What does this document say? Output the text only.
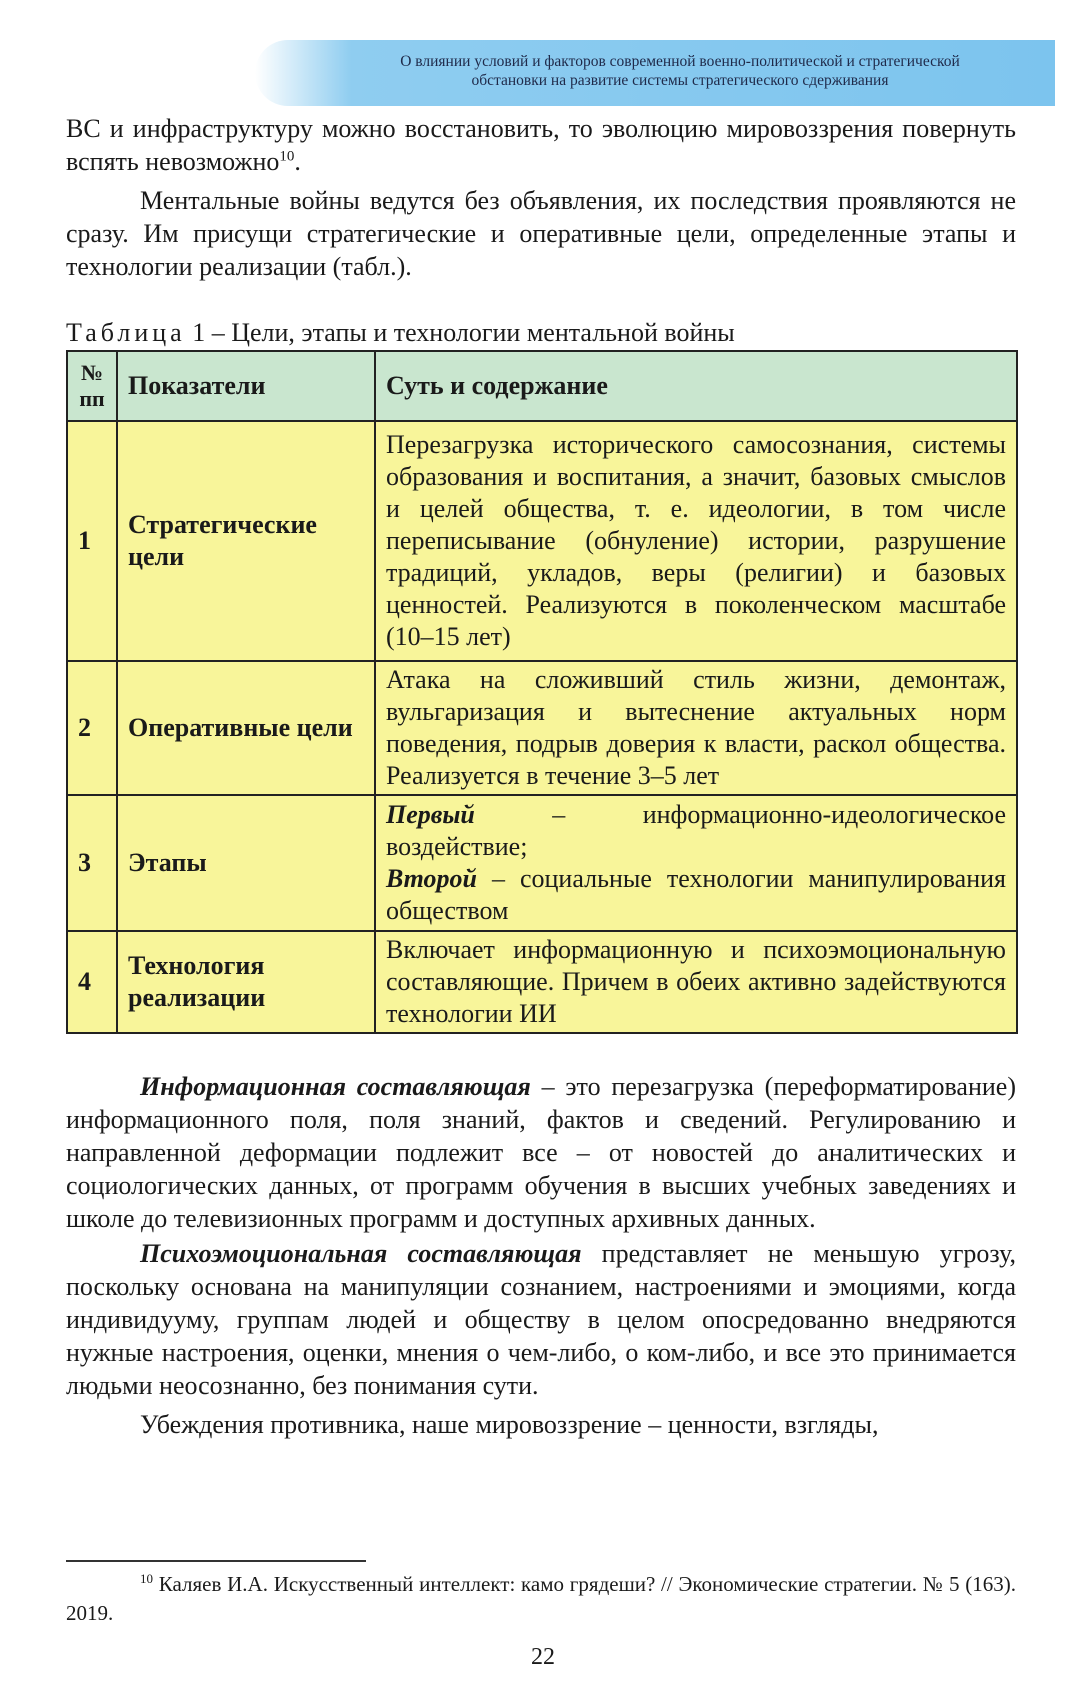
О влиянии условий и факторов современной военно-политической и стратегической
обстановки на развитие системы стратегического сдерживания

ВС и инфраструктуру можно восстановить, то эволюцию мировоззрения повернуть вспять невозможно$^{10}$.

Ментальные войны ведутся без объявления, их последствия проявляются не сразу. Им присущи стратегические и оперативные цели, определенные этапы и технологии реализации (табл.).

Таблица 1 – Цели, этапы и технологии ментальной войны
№ пп	Показатели	Суть и содержание
1	Стратегические цели	Перезагрузка исторического самосознания, системы образования и воспитания, а значит, базовых смыслов и целей общества, т. е. идеологии, в том числе переписывание (обнуление) истории, разрушение традиций, укладов, веры (религии) и базовых ценностей. Реализуются в поколенческом масштабе (10–15 лет)
2	Оперативные цели	Атака на сложивший стиль жизни, демонтаж, вульгаризация и вытеснение актуальных норм поведения, подрыв доверия к власти, раскол общества. Реализуется в течение 3–5 лет
3	Этапы	Первый – информационно-идеологическое воздействие;
Второй – социальные технологии манипулирования обществом
4	Технология реализации	Включает информационную и психоэмоциональную составляющие. Причем в обеих активно задействуются технологии ИИ

Информационная составляющая – это перезагрузка (переформатирование) информационного поля, поля знаний, фактов и сведений. Регулированию и направленной деформации подлежит все – от новостей до аналитических и социологических данных, от программ обучения в высших учебных заведениях и школе до телевизионных программ и доступных архивных данных.

Психоэмоциональная составляющая представляет не меньшую угрозу, поскольку основана на манипуляции сознанием, настроениями и эмоциями, когда индивидууму, группам людей и обществу в целом опосредованно внедряются нужные настроения, оценки, мнения о чем-либо, о ком-либо, и все это принимается людьми неосознанно, без понимания сути.

Убеждения противника, наше мировоззрение – ценности, взгляды,

$^{10}$ Каляев И.А. Искусственный интеллект: камо грядеши? // Экономические стратегии. № 5 (163). 2019.
22
